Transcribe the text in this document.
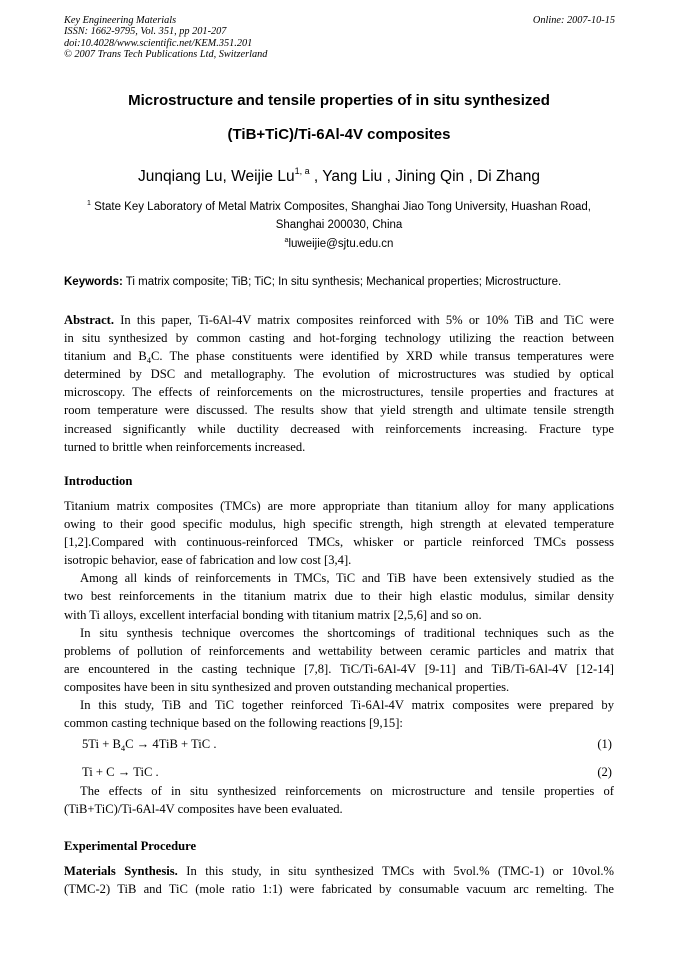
Key Engineering Materials
ISSN: 1662-9795, Vol. 351, pp 201-207
doi:10.4028/www.scientific.net/KEM.351.201
© 2007 Trans Tech Publications Ltd, Switzerland
Online: 2007-10-15
Microstructure and tensile properties of in situ synthesized
(TiB+TiC)/Ti-6Al-4V composites
Junqiang Lu, Weijie Lu$^{1, a}$ , Yang Liu , Jining Qin , Di Zhang
$^1$ State Key Laboratory of Metal Matrix Composites, Shanghai Jiao Tong University, Huashan Road,
Shanghai 200030, China
$^a$luweijie@sjtu.edu.cn
Keywords: Ti matrix composite; TiB; TiC; In situ synthesis; Mechanical properties; Microstructure.
Abstract. In this paper, Ti-6Al-4V matrix composites reinforced with 5% or 10% TiB and TiC were
in situ synthesized by common casting and hot-forging technology utilizing the reaction between
titanium and $B_4C$. The phase constituents were identified by XRD while transus temperatures were
determined by DSC and metallography. The evolution of microstructures was studied by optical
microscopy. The effects of reinforcements on the microstructures, tensile properties and fractures at
room temperature were discussed. The results show that yield strength and ultimate tensile strength
increased significantly while ductility decreased with reinforcements increasing. Fracture type
turned to brittle when reinforcements increased.
Introduction
Titanium matrix composites (TMCs) are more appropriate than titanium alloy for many applications
owing to their good specific modulus, high specific strength, high strength at elevated temperature
[1,2].Compared with continuous-reinforced TMCs, whisker or particle reinforced TMCs possess
isotropic behavior, ease of fabrication and low cost [3,4].
Among all kinds of reinforcements in TMCs, TiC and TiB have been extensively studied as the
two best reinforcements in the titanium matrix due to their high elastic modulus, similar density
with Ti alloys, excellent interfacial bonding with titanium matrix [2,5,6] and so on.
In situ synthesis technique overcomes the shortcomings of traditional techniques such as the
problems of pollution of reinforcements and wettability between ceramic particles and matrix that
are encountered in the casting technique [7,8]. TiC/Ti-6Al-4V [9-11] and TiB/Ti-6Al-4V [12-14]
composites have been in situ synthesized and proven outstanding mechanical properties.
In this study, TiB and TiC together reinforced Ti-6Al-4V matrix composites were prepared by
common casting technique based on the following reactions [9,15]:
$5Ti + B_4C \to 4TiB$ + TiC .	(1)
Ti + C → TiC .	(2)
The effects of in situ synthesized reinforcements on microstructure and tensile properties of
(TiB+TiC)/Ti-6Al-4V composites have been evaluated.
Experimental Procedure
Materials Synthesis. In this study, in situ synthesized TMCs with 5vol.% (TMC-1) or 10vol.%
(TMC-2) TiB and TiC (mole ratio 1:1) were fabricated by consumable vacuum arc remelting. The
